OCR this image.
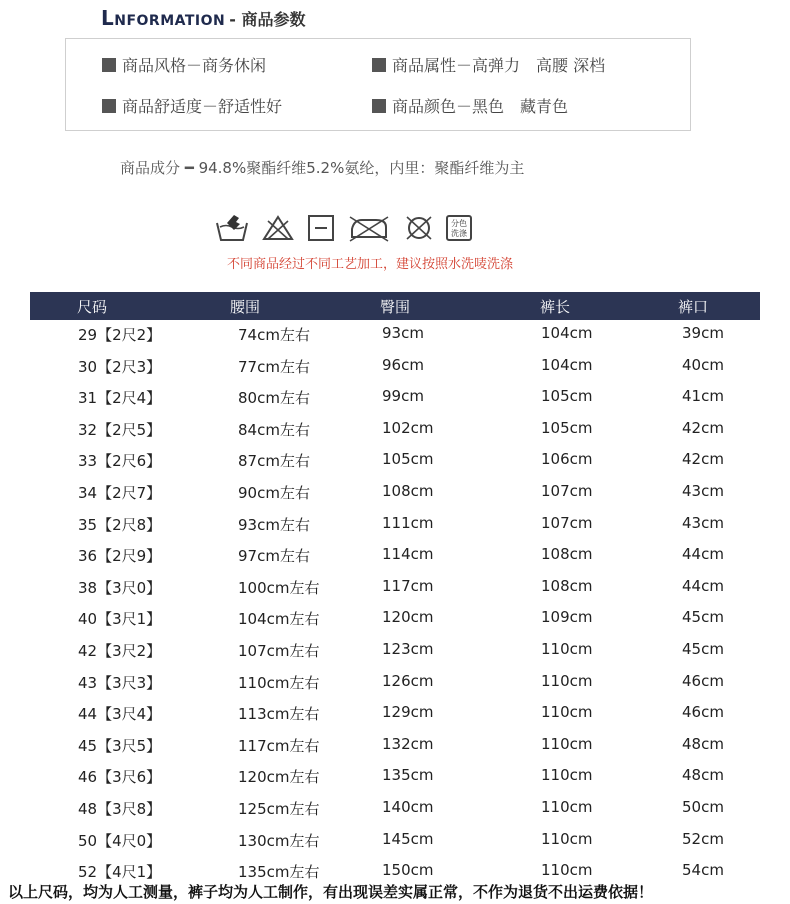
Lnformation - 商品参数
商品风格－商务休闲	商品属性－高弹力　高腰 深档
商品舒适度－舒适性好	商品颜色－黑色　藏青色
商品成分 ━ 94.8%聚酯纤维5.2%氨纶，内里：聚酯纤维为主
分色
洗涤
不同商品经过不同工艺加工，建议按照水洗唛洗涤
尺码	腰围	臀围	裤长	裤口
29【2尺2】	74cm左右	93cm	104cm	39cm
30【2尺3】	77cm左右	96cm	104cm	40cm
31【2尺4】	80cm左右	99cm	105cm	41cm
32【2尺5】	84cm左右	102cm	105cm	42cm
33【2尺6】	87cm左右	105cm	106cm	42cm
34【2尺7】	90cm左右	108cm	107cm	43cm
35【2尺8】	93cm左右	111cm	107cm	43cm
36【2尺9】	97cm左右	114cm	108cm	44cm
38【3尺0】	100cm左右	117cm	108cm	44cm
40【3尺1】	104cm左右	120cm	109cm	45cm
42【3尺2】	107cm左右	123cm	110cm	45cm
43【3尺3】	110cm左右	126cm	110cm	46cm
44【3尺4】	113cm左右	129cm	110cm	46cm
45【3尺5】	117cm左右	132cm	110cm	48cm
46【3尺6】	120cm左右	135cm	110cm	48cm
48【3尺8】	125cm左右	140cm	110cm	50cm
50【4尺0】	130cm左右	145cm	110cm	52cm
52【4尺1】	135cm左右	150cm	110cm	54cm
以上尺码，均为人工测量，裤子均为人工制作，有出现误差实属正常，不作为退货不出运费依据！
